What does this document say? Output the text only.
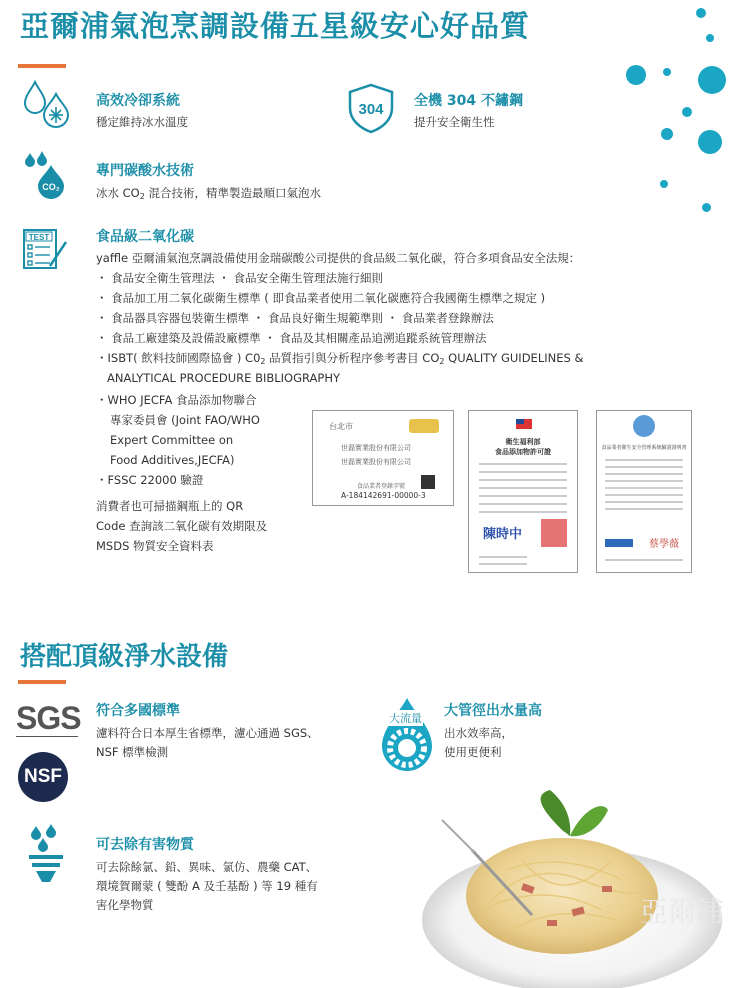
亞爾浦氣泡烹調設備五星級安心好品質
高效冷卻系統
穩定維持冰水溫度
304 全機 304 不鏽鋼
提升安全衛生性
CO₂
專門碳酸水技術
冰水 $CO_2$ 混合技術，精準製造最順口氣泡水
TEST	食品級二氧化碳
yaffle 亞爾浦氣泡烹調設備使用金瑞碳酸公司提供的食品級二氧化碳，符合多項食品安全法規：
・ 食品安全衛生管理法 ・ 食品安全衛生管理法施行細則
・ 食品加工用二氧化碳衛生標準 ( 即食品業者使用二氧化碳應符合我國衛生標準之規定 )
・ 食品器具容器包裝衛生標準 ・ 食品良好衛生規範準則 ・ 食品業者登錄辦法
・ 食品工廠建築及設備設廠標準 ・ 食品及其相關產品追溯追蹤系統管理辦法
・ISBT( 飲料技師國際協會 ) $C0_2$ 品質指引與分析程序參考書目 $CO_2$ QUALITY GUIDELINES &
ANALYTICAL PROCEDURE BIBLIOGRAPHY
・WHO JECFA 食品添加物聯合
專家委員會 (Joint FAO/WHO
Expert Committee on
Food Additives,JECFA)
・FSSC 22000 驗證
消費者也可掃描鋼瓶上的 QR
Code 查詢該二氧化碳有效期限及
MSDS 物質安全資料表
台北市
世磊實業股份有限公司
世磊實業股份有限公司
食品業者登錄字號
A-184142691-00000-3
衛生福利部
食品添加物許可證
陳時中
食品業者衛生安全管理系統驗證證明書
蔡學薇
搭配頂級淨水設備
SGS
NSF
符合多國標準
濾料符合日本厚生省標準，濾心通過 SGS、
NSF 標準檢測
大流量 大管徑出水量高
出水效率高，
使用更便利
可去除有害物質
可去除餘氯、鉛、異味、氯仿、農藥 CAT、
環境賀爾蒙 ( 雙酚 A 及壬基酚 ) 等 19 種有
害化學物質	亞爾浦
